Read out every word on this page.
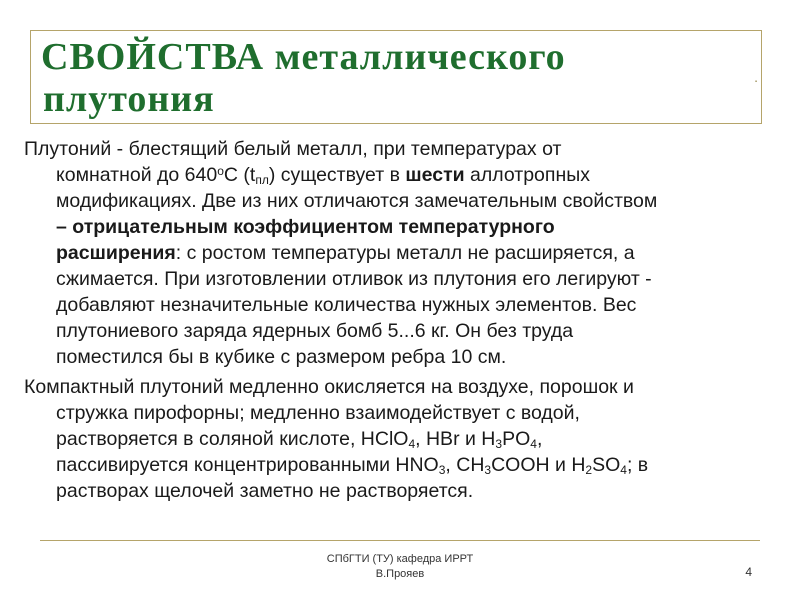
СВОЙСТВА металлического
плутония
.
Плутоний - блестящий белый металл, при температурах от
комнатной до $640^оС$ $(t_{пл})$ существует в шести аллотропных
модификациях. Две из них отличаются замечательным свойством
– отрицательным коэффициентом температурного
расширения: с ростом температуры металл не расширяется, а
сжимается. При изготовлении отливок из плутония его легируют -
добавляют незначительные количества нужных элементов. Вес
плутониевого заряда ядерных бомб 5...6 кг. Он без труда
поместился бы в кубике с размером ребра 10 см.
Компактный плутоний медленно окисляется на воздухе, порошок и
стружка пирофорны; медленно взаимодействует с водой,
растворяется в соляной кислоте, HClO$_4$, HBr и $H_3PO_4$,
пассивируется концентрированными $HNO_3$, $CH_3COOH$ и $H_2SO_4$; в
растворах щелочей заметно не растворяется.
СПбГТИ (ТУ) кафедра ИРРТ
В.Прояев	4
